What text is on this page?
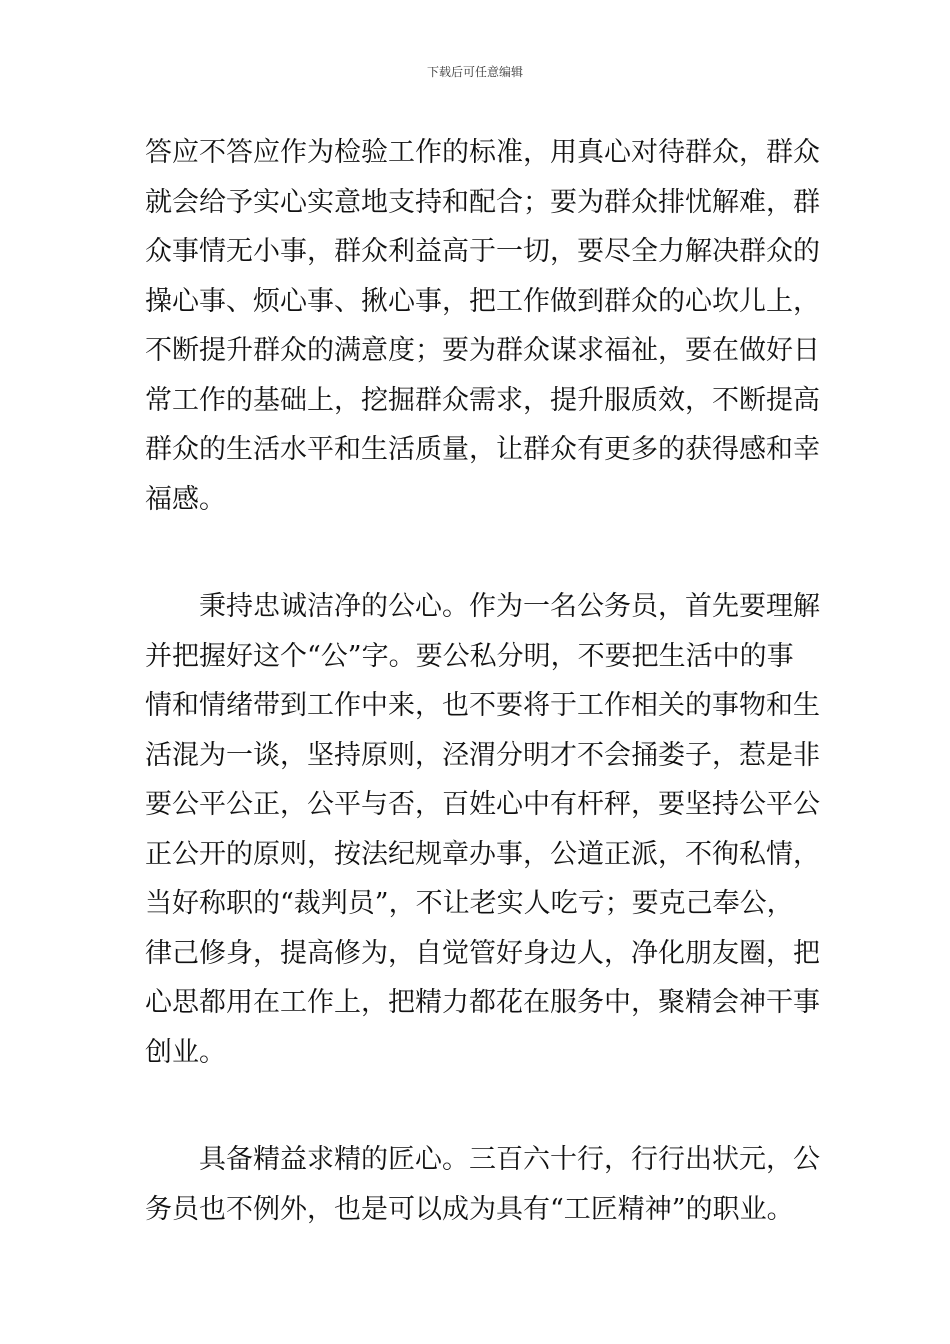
下载后可任意编辑

答应不答应作为检验工作的标准，用真心对待群众，群众
就会给予实心实意地支持和配合；要为群众排忧解难，群
众事情无小事，群众利益高于一切，要尽全力解决群众的
操心事、烦心事、揪心事，把工作做到群众的心坎儿上，
不断提升群众的满意度；要为群众谋求福祉，要在做好日
常工作的基础上，挖掘群众需求，提升服质效，不断提高
群众的生活水平和生活质量，让群众有更多的获得感和幸
福感。

　　秉持忠诚洁净的公心。作为一名公务员，首先要理解
并把握好这个“公”字。要公私分明，不要把生活中的事
情和情绪带到工作中来，也不要将于工作相关的事物和生
活混为一谈，坚持原则，泾渭分明才不会捅娄子，惹是非
要公平公正，公平与否，百姓心中有杆秤，要坚持公平公
正公开的原则，按法纪规章办事，公道正派，不徇私情，
当好称职的“裁判员”，不让老实人吃亏；要克己奉公，
律己修身，提高修为，自觉管好身边人，净化朋友圈，把
心思都用在工作上，把精力都花在服务中，聚精会神干事
创业。

　　具备精益求精的匠心。三百六十行，行行出状元，公
务员也不例外，也是可以成为具有“工匠精神”的职业。
